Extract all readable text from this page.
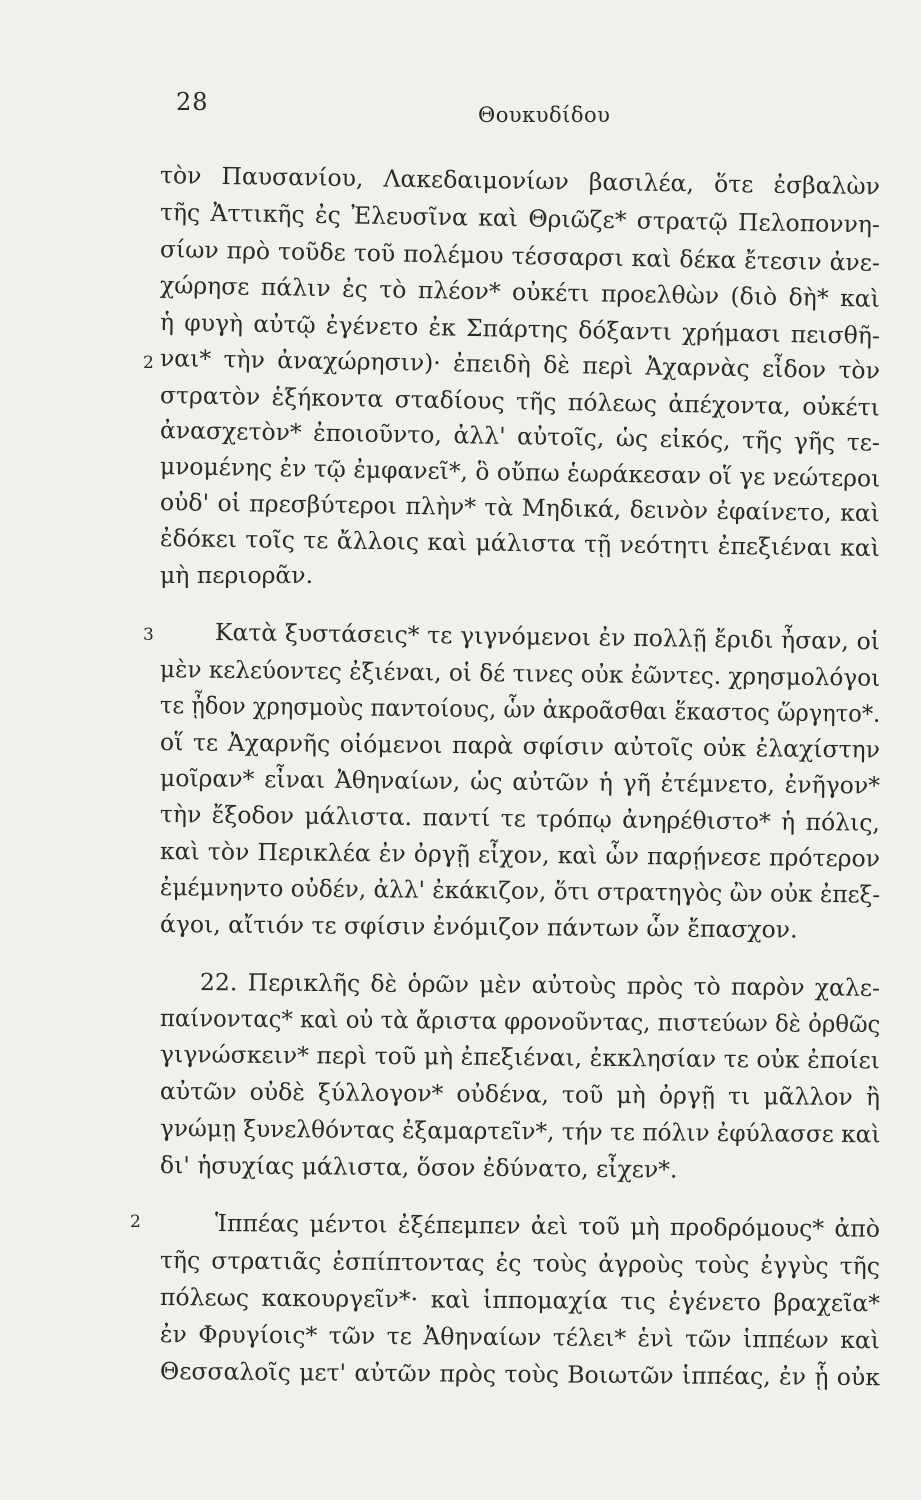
28	Θουκυδίδου
2
3
2
τὸν Παυσανίου, Λακεδαιμονίων βασιλέα, ὅτε ἐσβαλὼν
τῆς Ἀττικῆς ἐς Ἐλευσῖνα καὶ Θριῶζε* στρατῷ Πελοποννη-
σίων πρὸ τοῦδε τοῦ πολέμου τέσσαρσι καὶ δέκα ἔτεσιν ἀνε-
χώρησε πάλιν ἐς τὸ πλέον* οὐκέτι προελθὼν (διὸ δὴ* καὶ
ἡ φυγὴ αὐτῷ ἐγένετο ἐκ Σπάρτης δόξαντι χρήμασι πεισθῆ-
ναι* τὴν ἀναχώρησιν)· ἐπειδὴ δὲ περὶ Ἀχαρνὰς εἶδον τὸν
στρατὸν ἑξήκοντα σταδίους τῆς πόλεως ἀπέχοντα, οὐκέτι
ἀνασχετὸν* ἐποιοῦντο, ἀλλ' αὐτοῖς, ὡς εἰκός, τῆς γῆς τε-
μνομένης ἐν τῷ ἐμφανεῖ*, ὃ οὔπω ἑωράκεσαν οἵ γε νεώτεροι
οὐδ' οἱ πρεσβύτεροι πλὴν* τὰ Μηδικά, δεινὸν ἐφαίνετο, καὶ
ἐδόκει τοῖς τε ἄλλοις καὶ μάλιστα τῇ νεότητι ἐπεξιέναι καὶ
μὴ περιορᾶν.
Κατὰ ξυστάσεις* τε γιγνόμενοι ἐν πολλῇ ἔριδι ἦσαν, οἱ
μὲν κελεύοντες ἐξιέναι, οἱ δέ τινες οὐκ ἐῶντες. χρησμολόγοι
τε ᾖδον χρησμοὺς παντοίους, ὧν ἀκροᾶσθαι ἕκαστος ὥργητο*.
οἵ τε Ἀχαρνῆς οἰόμενοι παρὰ σφίσιν αὐτοῖς οὐκ ἐλαχίστην
μοῖραν* εἶναι Ἀθηναίων, ὡς αὐτῶν ἡ γῆ ἐτέμνετο, ἐνῆγον*
τὴν ἔξοδον μάλιστα. παντί τε τρόπῳ ἀνηρέθιστο* ἡ πόλις,
καὶ τὸν Περικλέα ἐν ὀργῇ εἶχον, καὶ ὧν παρῄνεσε πρότερον
ἐμέμνηντο οὐδέν, ἀλλ' ἐκάκιζον, ὅτι στρατηγὸς ὢν οὐκ ἐπεξ-
άγοι, αἴτιόν τε σφίσιν ἐνόμιζον πάντων ὧν ἔπασχον.
22. Περικλῆς δὲ ὁρῶν μὲν αὐτοὺς πρὸς τὸ παρὸν χαλε-
παίνοντας* καὶ οὐ τὰ ἄριστα φρονοῦντας, πιστεύων δὲ ὀρθῶς
γιγνώσκειν* περὶ τοῦ μὴ ἐπεξιέναι, ἐκκλησίαν τε οὐκ ἐποίει
αὐτῶν οὐδὲ ξύλλογον* οὐδένα, τοῦ μὴ ὀργῇ τι μᾶλλον ἢ
γνώμῃ ξυνελθόντας ἐξαμαρτεῖν*, τήν τε πόλιν ἐφύλασσε καὶ
δι' ἡσυχίας μάλιστα, ὅσον ἐδύνατο, εἶχεν*.
Ἱππέας μέντοι ἐξέπεμπεν ἀεὶ τοῦ μὴ προδρόμους* ἀπὸ
τῆς στρατιᾶς ἐσπίπτοντας ἐς τοὺς ἀγροὺς τοὺς ἐγγὺς τῆς
πόλεως κακουργεῖν*· καὶ ἱππομαχία τις ἐγένετο βραχεῖα*
ἐν Φρυγίοις* τῶν τε Ἀθηναίων τέλει* ἑνὶ τῶν ἱππέων καὶ
Θεσσαλοῖς μετ' αὐτῶν πρὸς τοὺς Βοιωτῶν ἱππέας, ἐν ᾗ οὐκ
